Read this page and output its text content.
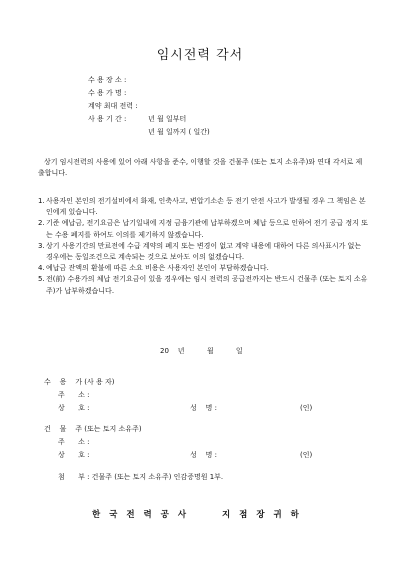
임시전력 각서
수 용 장 소 :
수 용 가 명 :
계약 최대 전력 :
사 용 기 간 :	년 월 일부터
년 월 일까지 ( 일간)
상기 임시전력의 사용에 있어 아래 사항을 준수, 이행할 것을 건물주 (또는 토지 소유주)와 연대 각서로 제출합니다.
1. 사용자인 본인의 전기설비에서 화재, 인축사고, 변압기소손 등 전기 안전 사고가 발생될 경우 그 책임은 본인에게 있습니다.
2. 기준 예납금, 전기요금은 납기일내에 지정 금융기관에 납부하겠으며 체납 등으로 인하여 전기 공급 정지 또는 수용 폐지를 하여도 이의를 제기하지 않겠습니다.
3. 상기 사용기간의 만료전에 수급 계약의 폐지 또는 변경이 없고 계약 내용에 대하여 다른 의사표시가 없는 경우에는 동일조건으로 계속되는 것으로 보아도 이의 없겠습니다.
4. 예납금 잔액의 환불에 따른 소요 비용은 사용자인 본인이 부담하겠습니다.
5. 전(前) 수용가의 체납 전기요금이 있을 경우에는 임시 전력의 공급전까지는 반드시 건물주 (또는 토지 소유주)가 납부하겠습니다.
20    년          월          일
수    용    가 (사 용 자)
주      소 :
상      호 :	성    명 :	(인)
건    물    주 (또는 토지 소유주)
주      소 :
상      호 :	성    명 :	(인)
첨      부 : 건물주 (또는 토지 소유주) 인감증명원 1부.
한 국 전 력 공 사	지 점 장 귀 하
